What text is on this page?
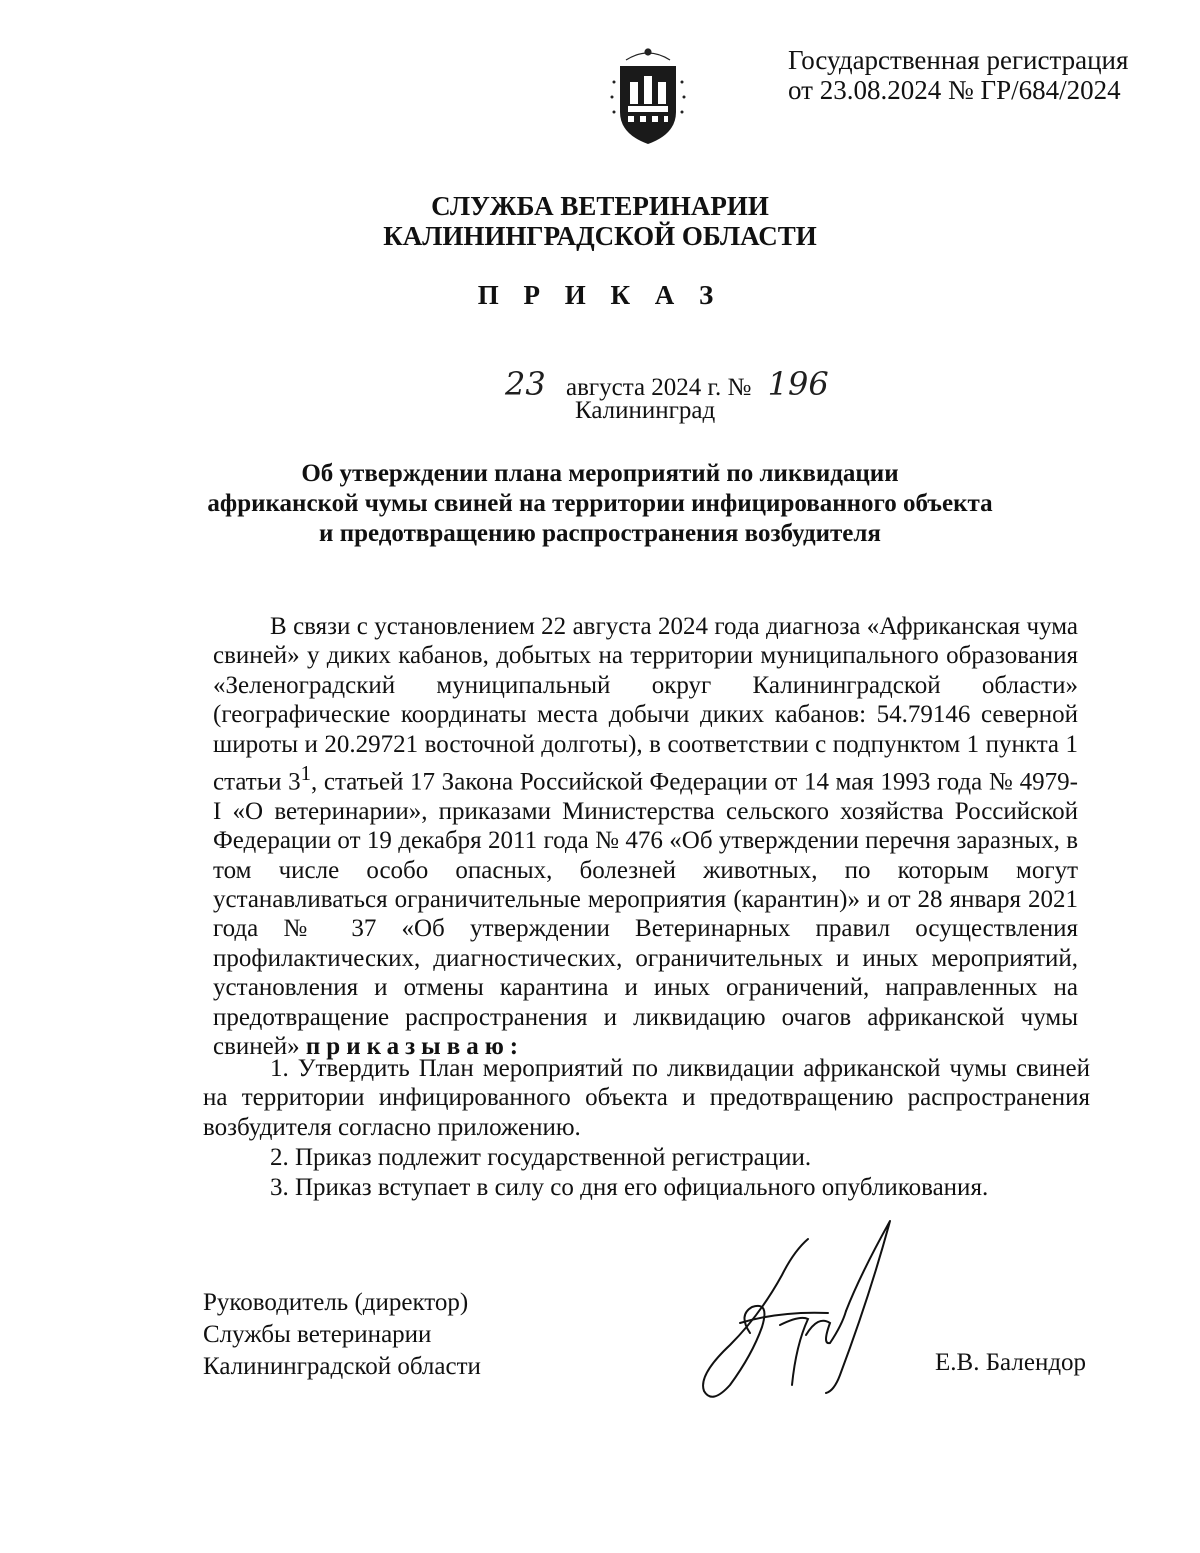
Государственная регистрация
от 23.08.2024 № ГР/684/2024
СЛУЖБА ВЕТЕРИНАРИИ
КАЛИНИНГРАДСКОЙ ОБЛАСТИ
П Р И К А З
23 августа 2024 г. № 196
Калининград
Об утверждении плана мероприятий по ликвидации
африканской чумы свиней на территории инфицированного объекта
и предотвращению распространения возбудителя

В связи с установлением 22 августа 2024 года диагноза «Африканская чума свиней» у диких кабанов, добытых на территории муниципального образования «Зеленоградский муниципальный округ Калининградской области» (географические координаты места добычи диких кабанов: 54.79146 северной широты и 20.29721 восточной долготы), в соответствии с подпунктом 1 пункта 1 статьи $3^1$, статьей 17 Закона Российской Федерации от 14 мая 1993 года № 4979-I «О ветеринарии», приказами Министерства сельского хозяйства Российской Федерации от 19 декабря 2011 года № 476 «Об утверждении перечня заразных, в том числе особо опасных, болезней животных, по которым могут устанавливаться ограничительные мероприятия (карантин)» и от 28 января 2021 года № 37 «Об утверждении Ветеринарных правил осуществления профилактических, диагностических, ограничительных и иных мероприятий, установления и отмены карантина и иных ограничений, направленных на предотвращение распространения и ликвидацию очагов африканской чумы свиней» приказываю:

1. Утвердить План мероприятий по ликвидации африканской чумы свиней на территории инфицированного объекта и предотвращению распространения возбудителя согласно приложению.

2. Приказ подлежит государственной регистрации.

3. Приказ вступает в силу со дня его официального опубликования.

Руководитель (директор)
Службы ветеринарии
Калининградской области	Е.В. Балендор
